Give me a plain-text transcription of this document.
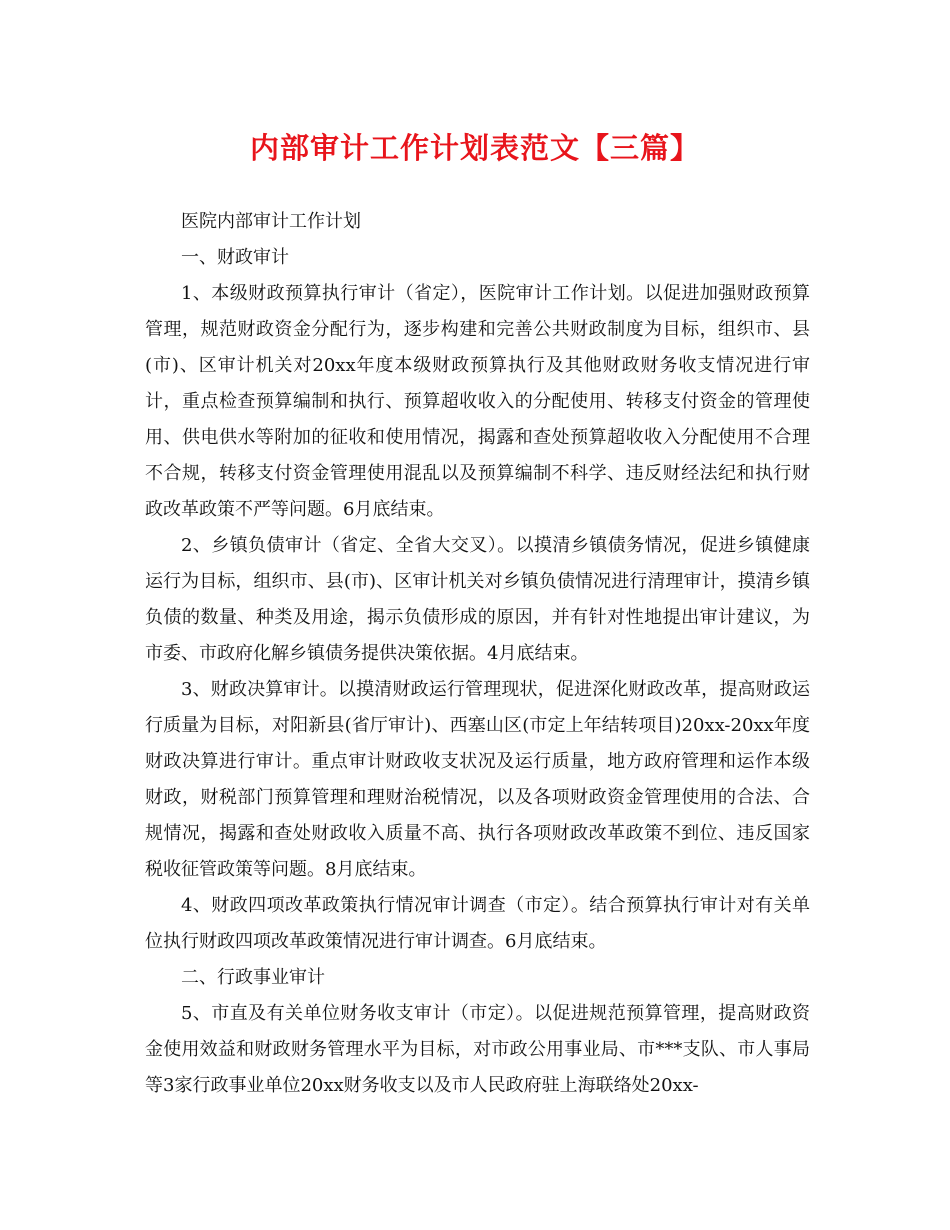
内部审计工作计划表范文【三篇】

医院内部审计工作计划

一、财政审计

1、本级财政预算执行审计（省定），医院审计工作计划。以促进加强财政预算管理，规范财政资金分配行为，逐步构建和完善公共财政制度为目标，组织市、县(市)、区审计机关对20xx年度本级财政预算执行及其他财政财务收支情况进行审计，重点检查预算编制和执行、预算超收收入的分配使用、转移支付资金的管理使用、供电供水等附加的征收和使用情况，揭露和查处预算超收收入分配使用不合理不合规，转移支付资金管理使用混乱以及预算编制不科学、违反财经法纪和执行财政改革政策不严等问题。6月底结束。

2、乡镇负债审计（省定、全省大交叉）。以摸清乡镇债务情况，促进乡镇健康运行为目标，组织市、县(市)、区审计机关对乡镇负债情况进行清理审计，摸清乡镇负债的数量、种类及用途，揭示负债形成的原因，并有针对性地提出审计建议，为市委、市政府化解乡镇债务提供决策依据。4月底结束。

3、财政决算审计。以摸清财政运行管理现状，促进深化财政改革，提高财政运行质量为目标，对阳新县(省厅审计)、西塞山区(市定上年结转项目)20xx-20xx年度财政决算进行审计。重点审计财政收支状况及运行质量，地方政府管理和运作本级财政，财税部门预算管理和理财治税情况，以及各项财政资金管理使用的合法、合规情况，揭露和查处财政收入质量不高、执行各项财政改革政策不到位、违反国家税收征管政策等问题。8月底结束。

4、财政四项改革政策执行情况审计调查（市定）。结合预算执行审计对有关单位执行财政四项改革政策情况进行审计调查。6月底结束。

二、行政事业审计

5、市直及有关单位财务收支审计（市定）。以促进规范预算管理，提高财政资金使用效益和财政财务管理水平为目标，对市政公用事业局、市***支队、市人事局等3家行政事业单位20xx财务收支以及市人民政府驻上海联络处20xx-
